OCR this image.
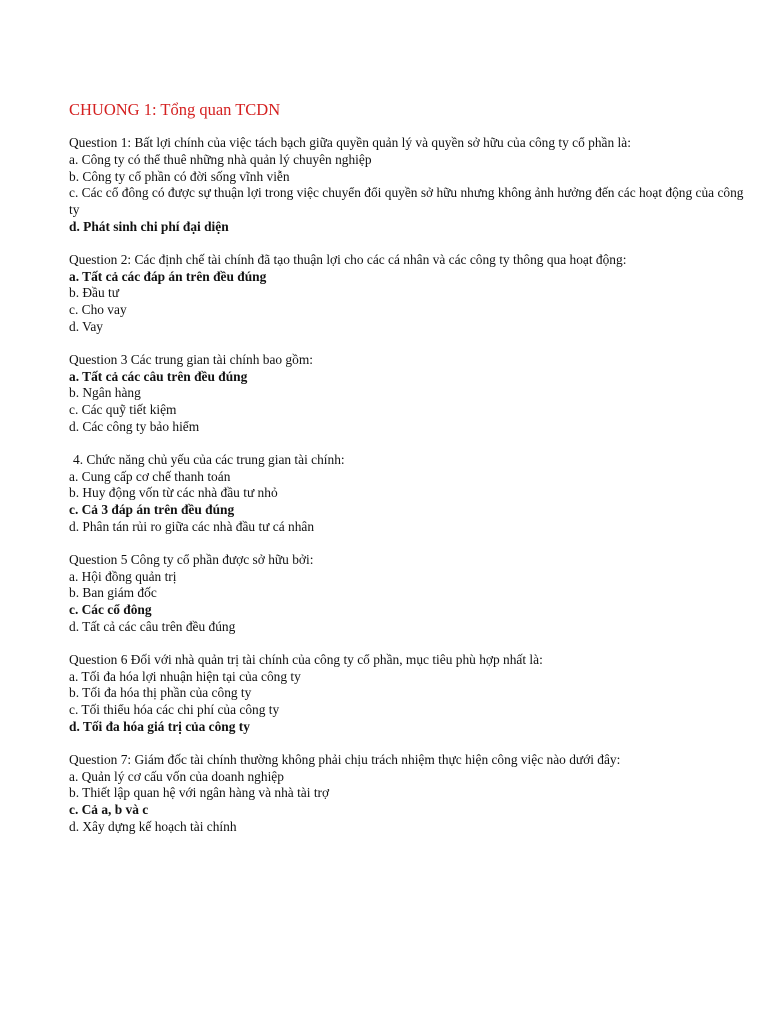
CHUONG 1: Tổng quan TCDN

Question 1: Bất lợi chính của việc tách bạch giữa quyền quản lý và quyền sở hữu của công ty cổ phần là:

a. Công ty có thể thuê những nhà quản lý chuyên nghiệp

b. Công ty cổ phần có đời sống vĩnh viễn

c. Các cổ đông có được sự thuận lợi trong việc chuyển đổi quyền sở hữu nhưng không ảnh hưởng đến các hoạt động của công ty

d. Phát sinh chi phí đại diện

Question 2: Các định chế tài chính đã tạo thuận lợi cho các cá nhân và các công ty thông qua hoạt động:

a. Tất cả các đáp án trên đều đúng

b. Đầu tư

c. Cho vay

d. Vay

Question 3 Các trung gian tài chính bao gồm:

a. Tất cả các câu trên đều đúng

b. Ngân hàng

c. Các quỹ tiết kiệm

d. Các công ty bảo hiểm

4. Chức năng chủ yếu của các trung gian tài chính:

a. Cung cấp cơ chế thanh toán

b. Huy động vốn từ các nhà đầu tư nhỏ

c. Cả 3 đáp án trên đều đúng

d. Phân tán rủi ro giữa các nhà đầu tư cá nhân

Question 5 Công ty cổ phần được sở hữu bởi:

a. Hội đồng quản trị

b. Ban giám đốc

c. Các cổ đông

d. Tất cả các câu trên đều đúng

Question 6 Đối với nhà quản trị tài chính của công ty cổ phần, mục tiêu phù hợp nhất là:

a. Tối đa hóa lợi nhuận hiện tại của công ty

b. Tối đa hóa thị phần của công ty

c. Tối thiểu hóa các chi phí của công ty

d. Tối đa hóa giá trị của công ty

Question 7: Giám đốc tài chính thường không phải chịu trách nhiệm thực hiện công việc nào dưới đây:

a. Quản lý cơ cấu vốn của doanh nghiệp

b. Thiết lập quan hệ với ngân hàng và nhà tài trợ

c. Cả a, b và c

d. Xây dựng kế hoạch tài chính
